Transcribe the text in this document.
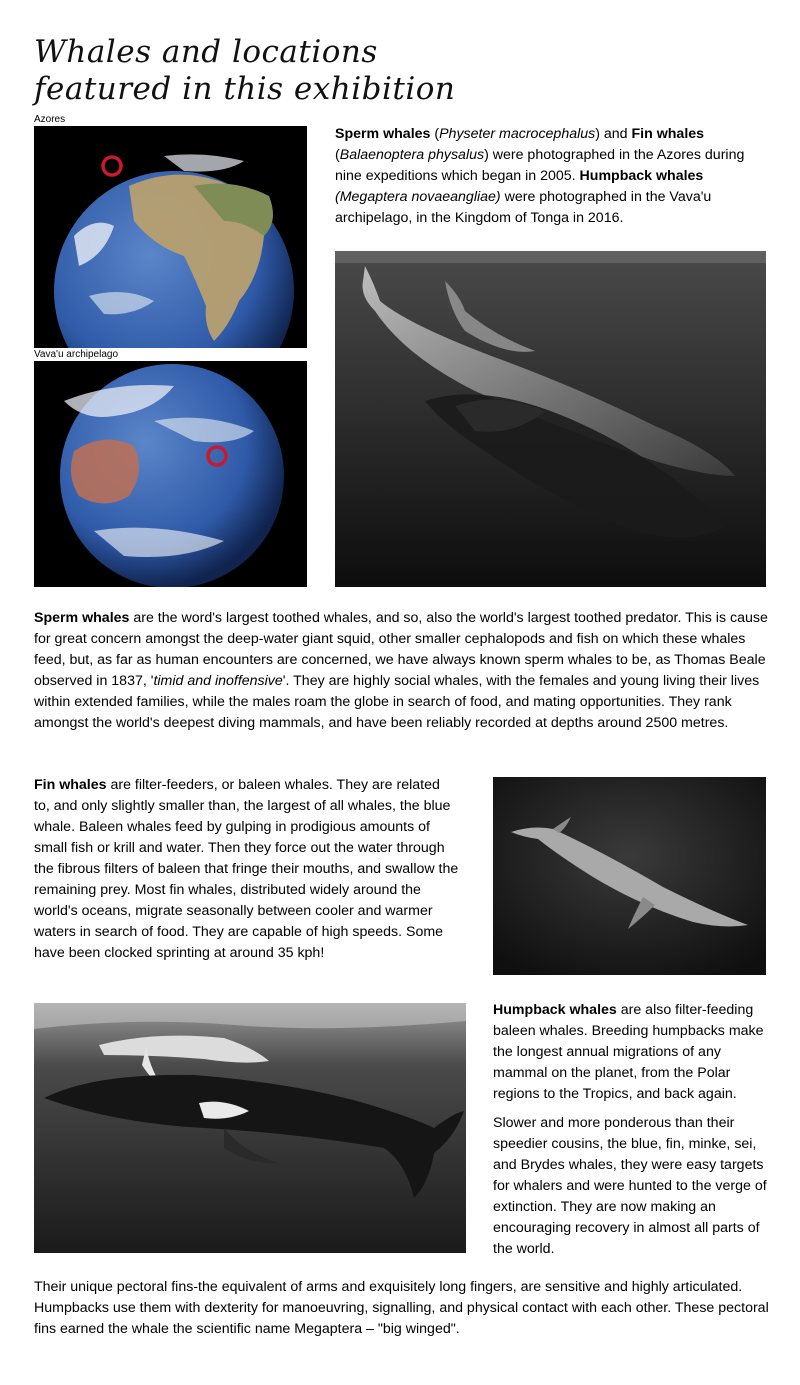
Whales and locations
featured in this exhibition
Azores
Vava'u archipelago

Sperm whales (Physeter macrocephalus) and Fin whales (Balaenoptera physalus) were photographed in the Azores during nine expeditions which began in 2005. Humpback whales (Megaptera novaeangliae) were photographed in the Vava'u archipelago, in the Kingdom of Tonga in 2016.

Sperm whales are the word's largest toothed whales, and so, also the world's largest toothed predator. This is cause for great concern amongst the deep-water giant squid, other smaller cephalopods and fish on which these whales feed, but, as far as human encounters are concerned, we have always known sperm whales to be, as Thomas Beale observed in 1837, 'timid and inoffensive'. They are highly social whales, with the females and young living their lives within extended families, while the males roam the globe in search of food, and mating opportunities. They rank amongst the world's deepest diving mammals, and have been reliably recorded at depths around 2500 metres.

Fin whales are filter-feeders, or baleen whales. They are related to, and only slightly smaller than, the largest of all whales, the blue whale. Baleen whales feed by gulping in prodigious amounts of small fish or krill and water. Then they force out the water through the fibrous filters of baleen that fringe their mouths, and swallow the remaining prey. Most fin whales, distributed widely around the world's oceans, migrate seasonally between cooler and warmer waters in search of food. They are capable of high speeds. Some have been clocked sprinting at around 35 kph!

Humpback whales are also filter-feeding baleen whales. Breeding humpbacks make the longest annual migrations of any mammal on the planet, from the Polar regions to the Tropics, and back again.

Slower and more ponderous than their speedier cousins, the blue, fin, minke, sei, and Brydes whales, they were easy targets for whalers and were hunted to the verge of extinction. They are now making an encouraging recovery in almost all parts of the world.

Their unique pectoral fins-the equivalent of arms and exquisitely long fingers, are sensitive and highly articulated. Humpbacks use them with dexterity for manoeuvring, signalling, and physical contact with each other. These pectoral fins earned the whale the scientific name Megaptera – "big winged".
